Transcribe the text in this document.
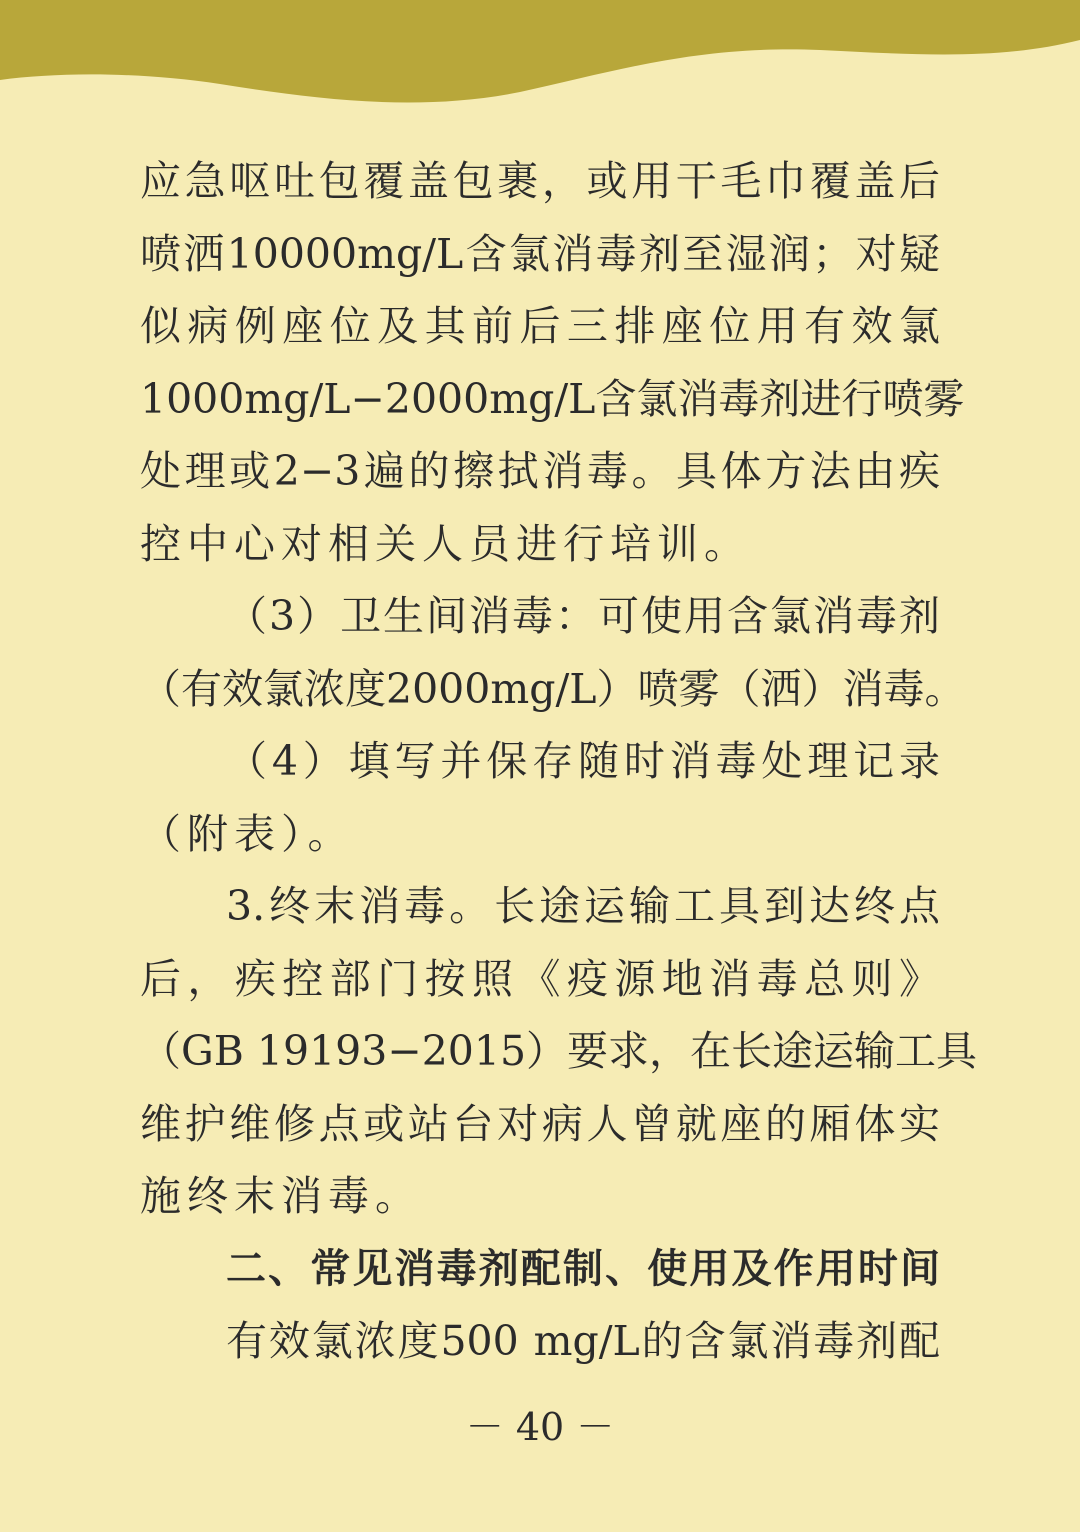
应急呕吐包覆盖包裹，或用干毛巾覆盖后
喷洒10000mg/L含氯消毒剂至湿润；对疑
似病例座位及其前后三排座位用有效氯
1000mg/L−2000mg/L含氯消毒剂进行喷雾
处理或2−3遍的擦拭消毒。具体方法由疾
控中心对相关人员进行培训。
（3）卫生间消毒：可使用含氯消毒剂
（有效氯浓度2000mg/L）喷雾（洒）消毒。
（4）填写并保存随时消毒处理记录
（附表）。
3.终末消毒。长途运输工具到达终点
后，疾控部门按照《疫源地消毒总则》
（GB 19193−2015）要求，在长途运输工具
维护维修点或站台对病人曾就座的厢体实
施终末消毒。
二、常见消毒剂配制、使用及作用时间
有效氯浓度500 mg/L的含氯消毒剂配
－ 40 －
